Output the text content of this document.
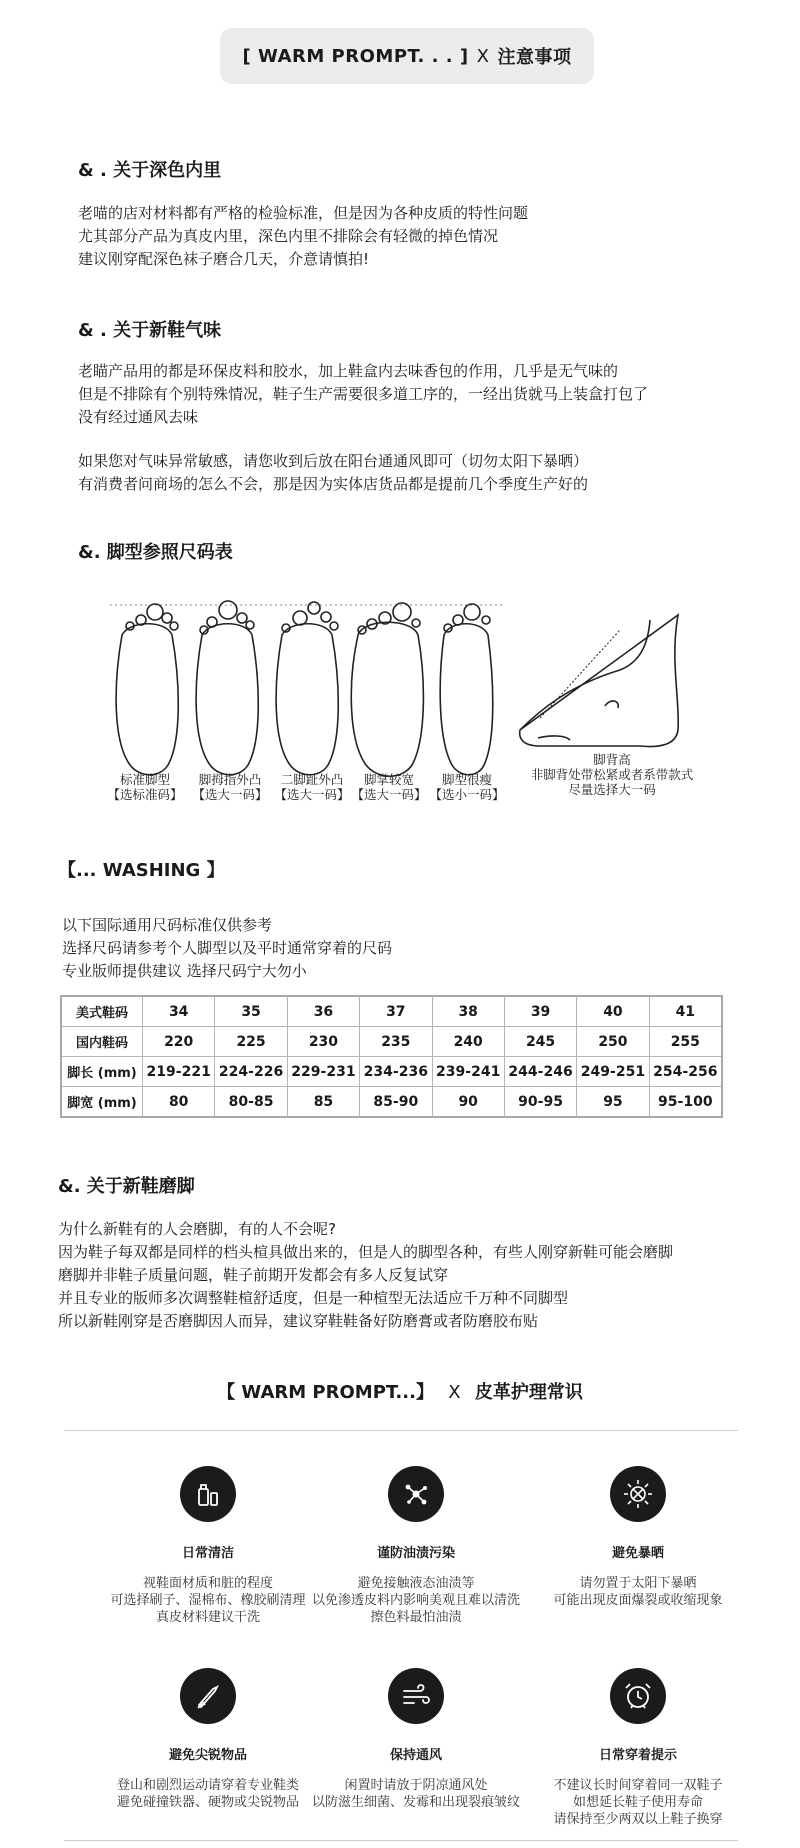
[ WARM PROMPT. . . ] X 注意事项
& . 关于深色内里
老喵的店对材料都有严格的检验标准，但是因为各种皮质的特性问题
尤其部分产品为真皮内里，深色内里不排除会有轻微的掉色情况
建议刚穿配深色袜子磨合几天，介意请慎拍!
& . 关于新鞋气味
老瞄产品用的都是环保皮料和胶水，加上鞋盒内去味香包的作用，几乎是无气味的
但是不排除有个别特殊情况，鞋子生产需要很多道工序的，一经出货就马上装盒打包了
没有经过通风去味
如果您对气味异常敏感，请您收到后放在阳台通通风即可（切勿太阳下暴晒）
有消费者问商场的怎么不会，那是因为实体店货品都是提前几个季度生产好的
&. 脚型参照尺码表
标准脚型
【选标准码】
脚拇指外凸
【选大一码】
二脚趾外凸
【选大一码】
脚掌较宽
【选大一码】
脚型很瘦
【选小一码】
脚背高
非脚背处带松紧或者系带款式
尽量选择大一码
【... WASHING 】
以下国际通用尺码标准仅供参考
选择尺码请参考个人脚型以及平时通常穿着的尺码
专业版师提供建议 选择尺码宁大勿小
美式鞋码	34	35	36	37	38	39	40	41
国内鞋码	220	225	230	235	240	245	250	255
脚长 (mm)	219-221	224-226	229-231	234-236	239-241	244-246	249-251	254-256
脚宽 (mm)	80	80-85	85	85-90	90	90-95	95	95-100
&. 关于新鞋磨脚
为什么新鞋有的人会磨脚，有的人不会呢?
因为鞋子每双都是同样的档头楦具做出来的，但是人的脚型各种，有些人刚穿新鞋可能会磨脚
磨脚并非鞋子质量问题，鞋子前期开发都会有多人反复试穿
并且专业的版师多次调整鞋楦舒适度，但是一种楦型无法适应千万种不同脚型
所以新鞋刚穿是否磨脚因人而异，建议穿鞋鞋备好防磨膏或者防磨胶布贴
【 WARM PROMPT...】 X 皮革护理常识
日常清洁
视鞋面材质和脏的程度
可选择刷子、湿棉布、橡胶刷清理
真皮材料建议干洗
谨防油渍污染
避免接触液态油渍等
以免渗透皮料内影响美观且难以清洗
擦色料最怕油渍
避免暴晒
请勿置于太阳下暴晒
可能出现皮面爆裂或收缩现象
避免尖锐物品
登山和剧烈运动请穿着专业鞋类
避免碰撞铁器、硬物或尖锐物品
保持通风
闲置时请放于阴凉通风处
以防滋生细菌、发霉和出现裂痕皱纹
日常穿着提示
不建议长时间穿着同一双鞋子
如想延长鞋子使用寿命
请保持至少两双以上鞋子换穿
